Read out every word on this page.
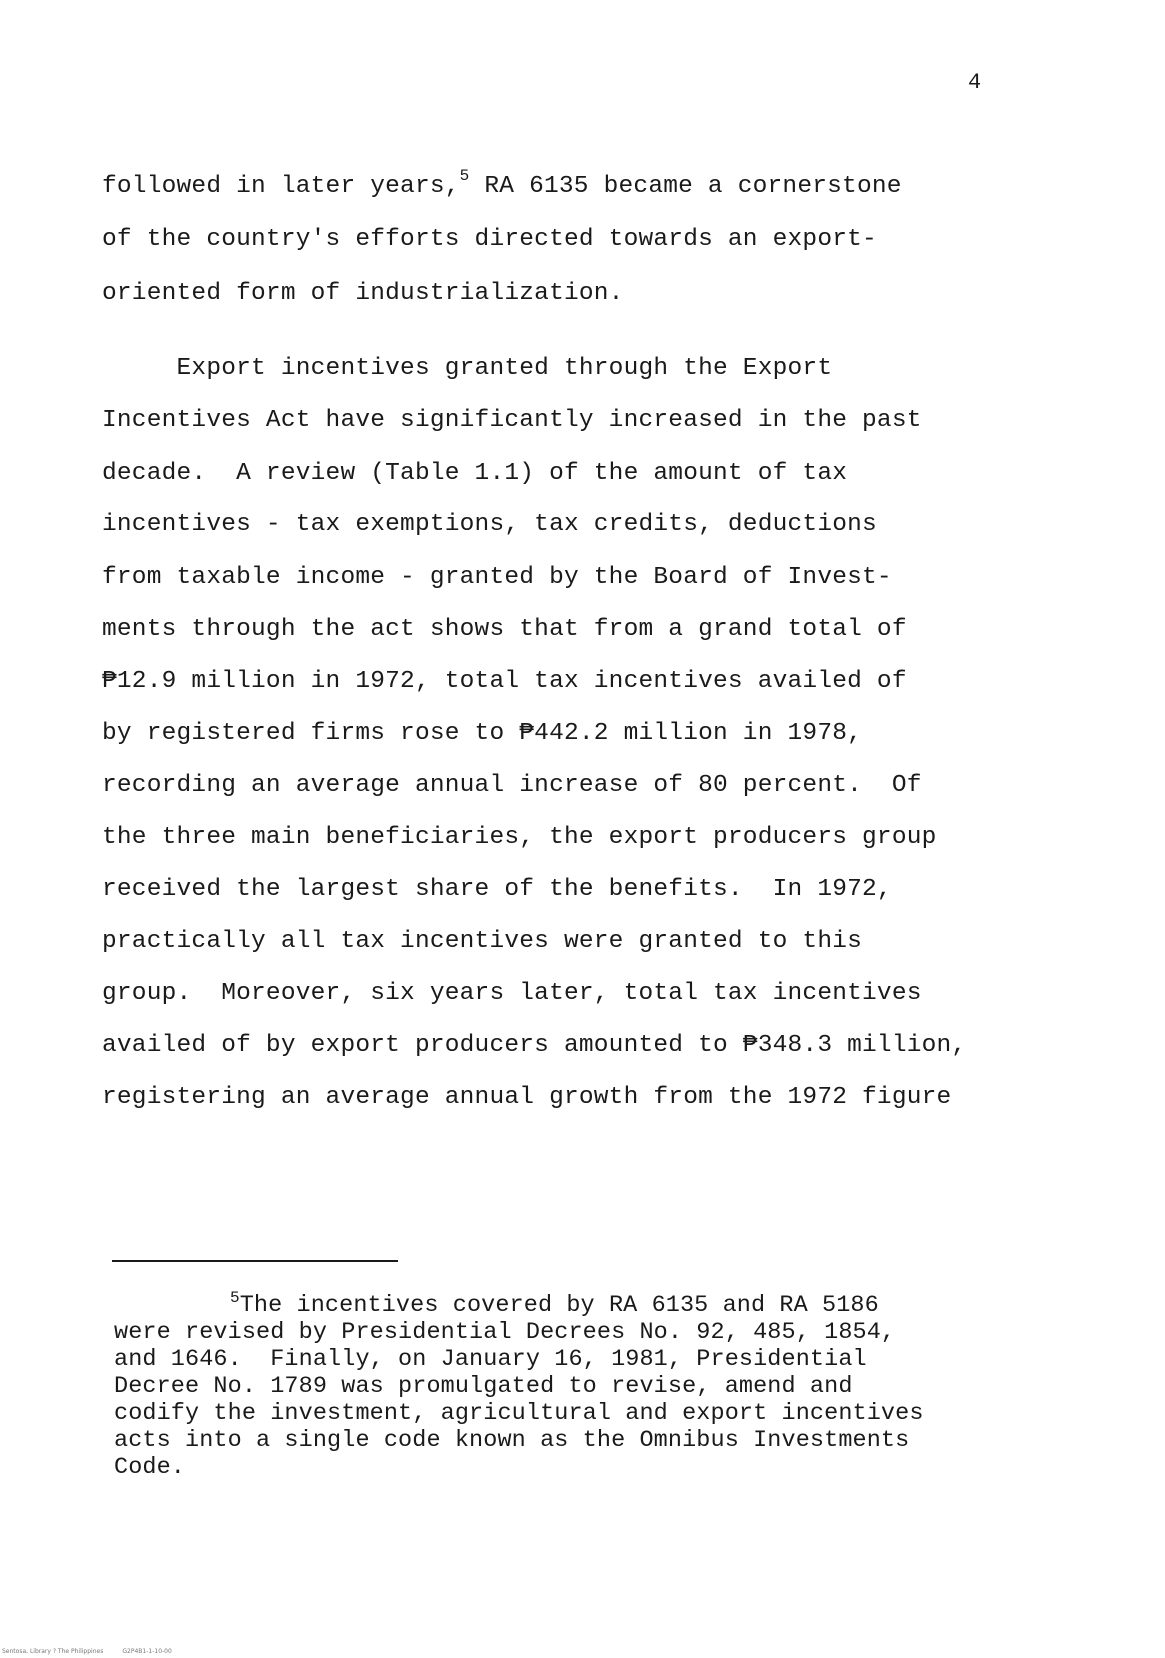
4
followed in later years,$^5$ RA 6135 became a cornerstone
of the country's efforts directed towards an export-
oriented form of industrialization.
Export incentives granted through the Export
Incentives Act have significantly increased in the past
decade.  A review (Table 1.1) of the amount of tax
incentives - tax exemptions, tax credits, deductions
from taxable income - granted by the Board of Invest-
ments through the act shows that from a grand total of
₱12.9 million in 1972, total tax incentives availed of
by registered firms rose to ₱442.2 million in 1978,
recording an average annual increase of 80 percent.  Of
the three main beneficiaries, the export producers group
received the largest share of the benefits.  In 1972,
practically all tax incentives were granted to this
group.  Moreover, six years later, total tax incentives
availed of by export producers amounted to ₱348.3 million,
registering an average annual growth from the 1972 figure
$^5$The incentives covered by RA 6135 and RA 5186
were revised by Presidential Decrees No. 92, 485, 1854,
and 1646.  Finally, on January 16, 1981, Presidential
Decree No. 1789 was promulgated to revise, amend and
codify the investment, agricultural and export incentives
acts into a single code known as the Omnibus Investments
Code.
Sentosa, Library ? The Philippines          G2P4B1-1-10-00
